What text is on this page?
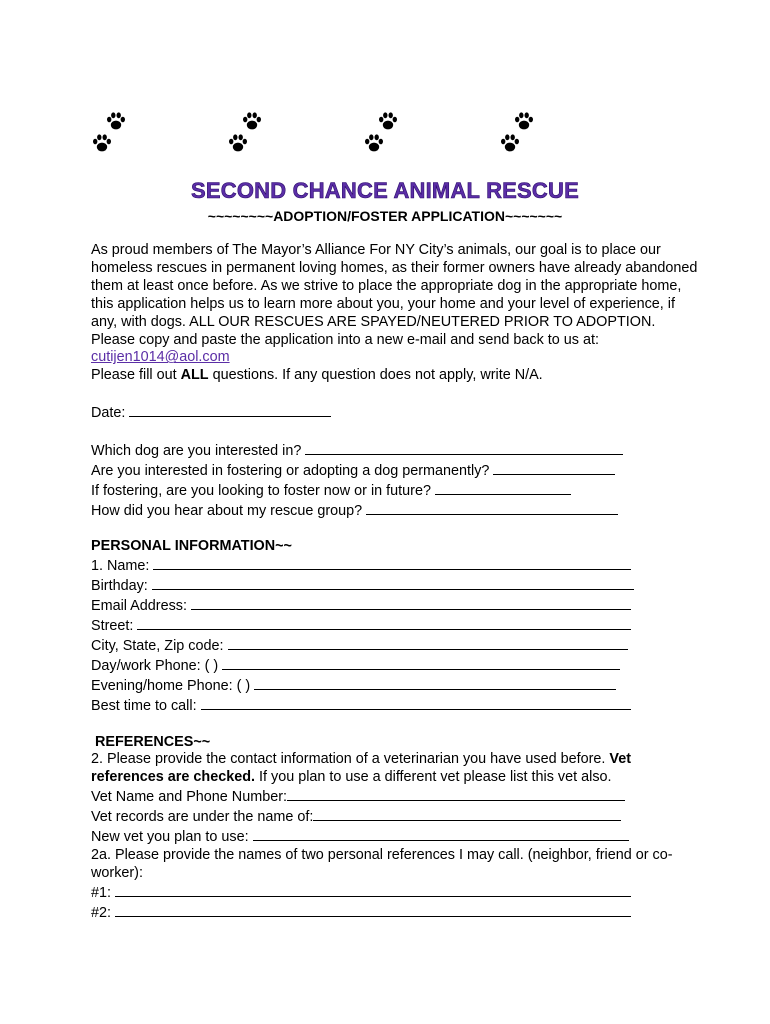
SECOND CHANCE ANIMAL RESCUE
~~~~~~~~ADOPTION/FOSTER APPLICATION~~~~~~~

As proud members of The Mayor’s Alliance For NY City’s animals, our goal is to place our homeless rescues in permanent loving homes, as their former owners have already abandoned them at least once before. As we strive to place the appropriate dog in the appropriate home, this application helps us to learn more about you, your home and your level of experience, if any, with dogs. ALL OUR RESCUES ARE SPAYED/NEUTERED PRIOR TO ADOPTION. Please copy and paste the application into a new e-mail and send back to us at: cutijen1014@aol.com
Please fill out ALL questions. If any question does not apply, write N/A.

Date:
Which dog are you interested in?
Are you interested in fostering or adopting a dog permanently?
If fostering, are you looking to foster now or in future?
How did you hear about my rescue group?
PERSONAL INFORMATION~~
1. Name:
Birthday:
Email Address:
Street:
City, State, Zip code:
Day/work Phone: ( )
Evening/home Phone: ( )
Best time to call:
REFERENCES~~

2. Please provide the contact information of a veterinarian you have used before. Vet references are checked. If you plan to use a different vet please list this vet also.

Vet Name and Phone Number:
Vet records are under the name of:
New vet you plan to use:

2a. Please provide the names of two personal references I may call. (neighbor, friend or co-worker):

#1:
#2:
